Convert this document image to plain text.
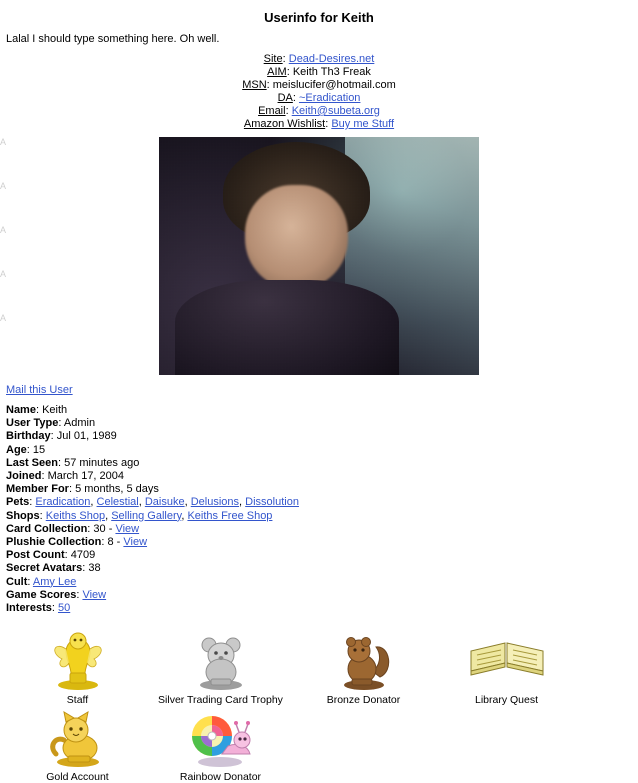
A
A
A
A
A
Userinfo for Keith
Lalal I should type something here. Oh well.
Site: Dead-Desires.net
AIM: Keith Th3 Freak
MSN: meislucifer@hotmail.com
DA: ~Eradication
Email: Keith@subeta.org
Amazon Wishlist: Buy me Stuff
Mail this User
Name: Keith
User Type: Admin
Birthday: Jul 01, 1989
Age: 15
Last Seen: 57 minutes ago
Joined: March 17, 2004
Member For: 5 months, 5 days
Pets: Eradication, Celestial, Daisuke, Delusions, Dissolution
Shops: Keiths Shop, Selling Gallery, Keiths Free Shop
Card Collection: 30 - View
Plushie Collection: 8 - View
Post Count: 4709
Secret Avatars: 38
Cult: Amy Lee
Game Scores: View
Interests: 50
Staff	Silver Trading Card Trophy	Bronze Donator	Library Quest
Gold Account	Rainbow Donator
